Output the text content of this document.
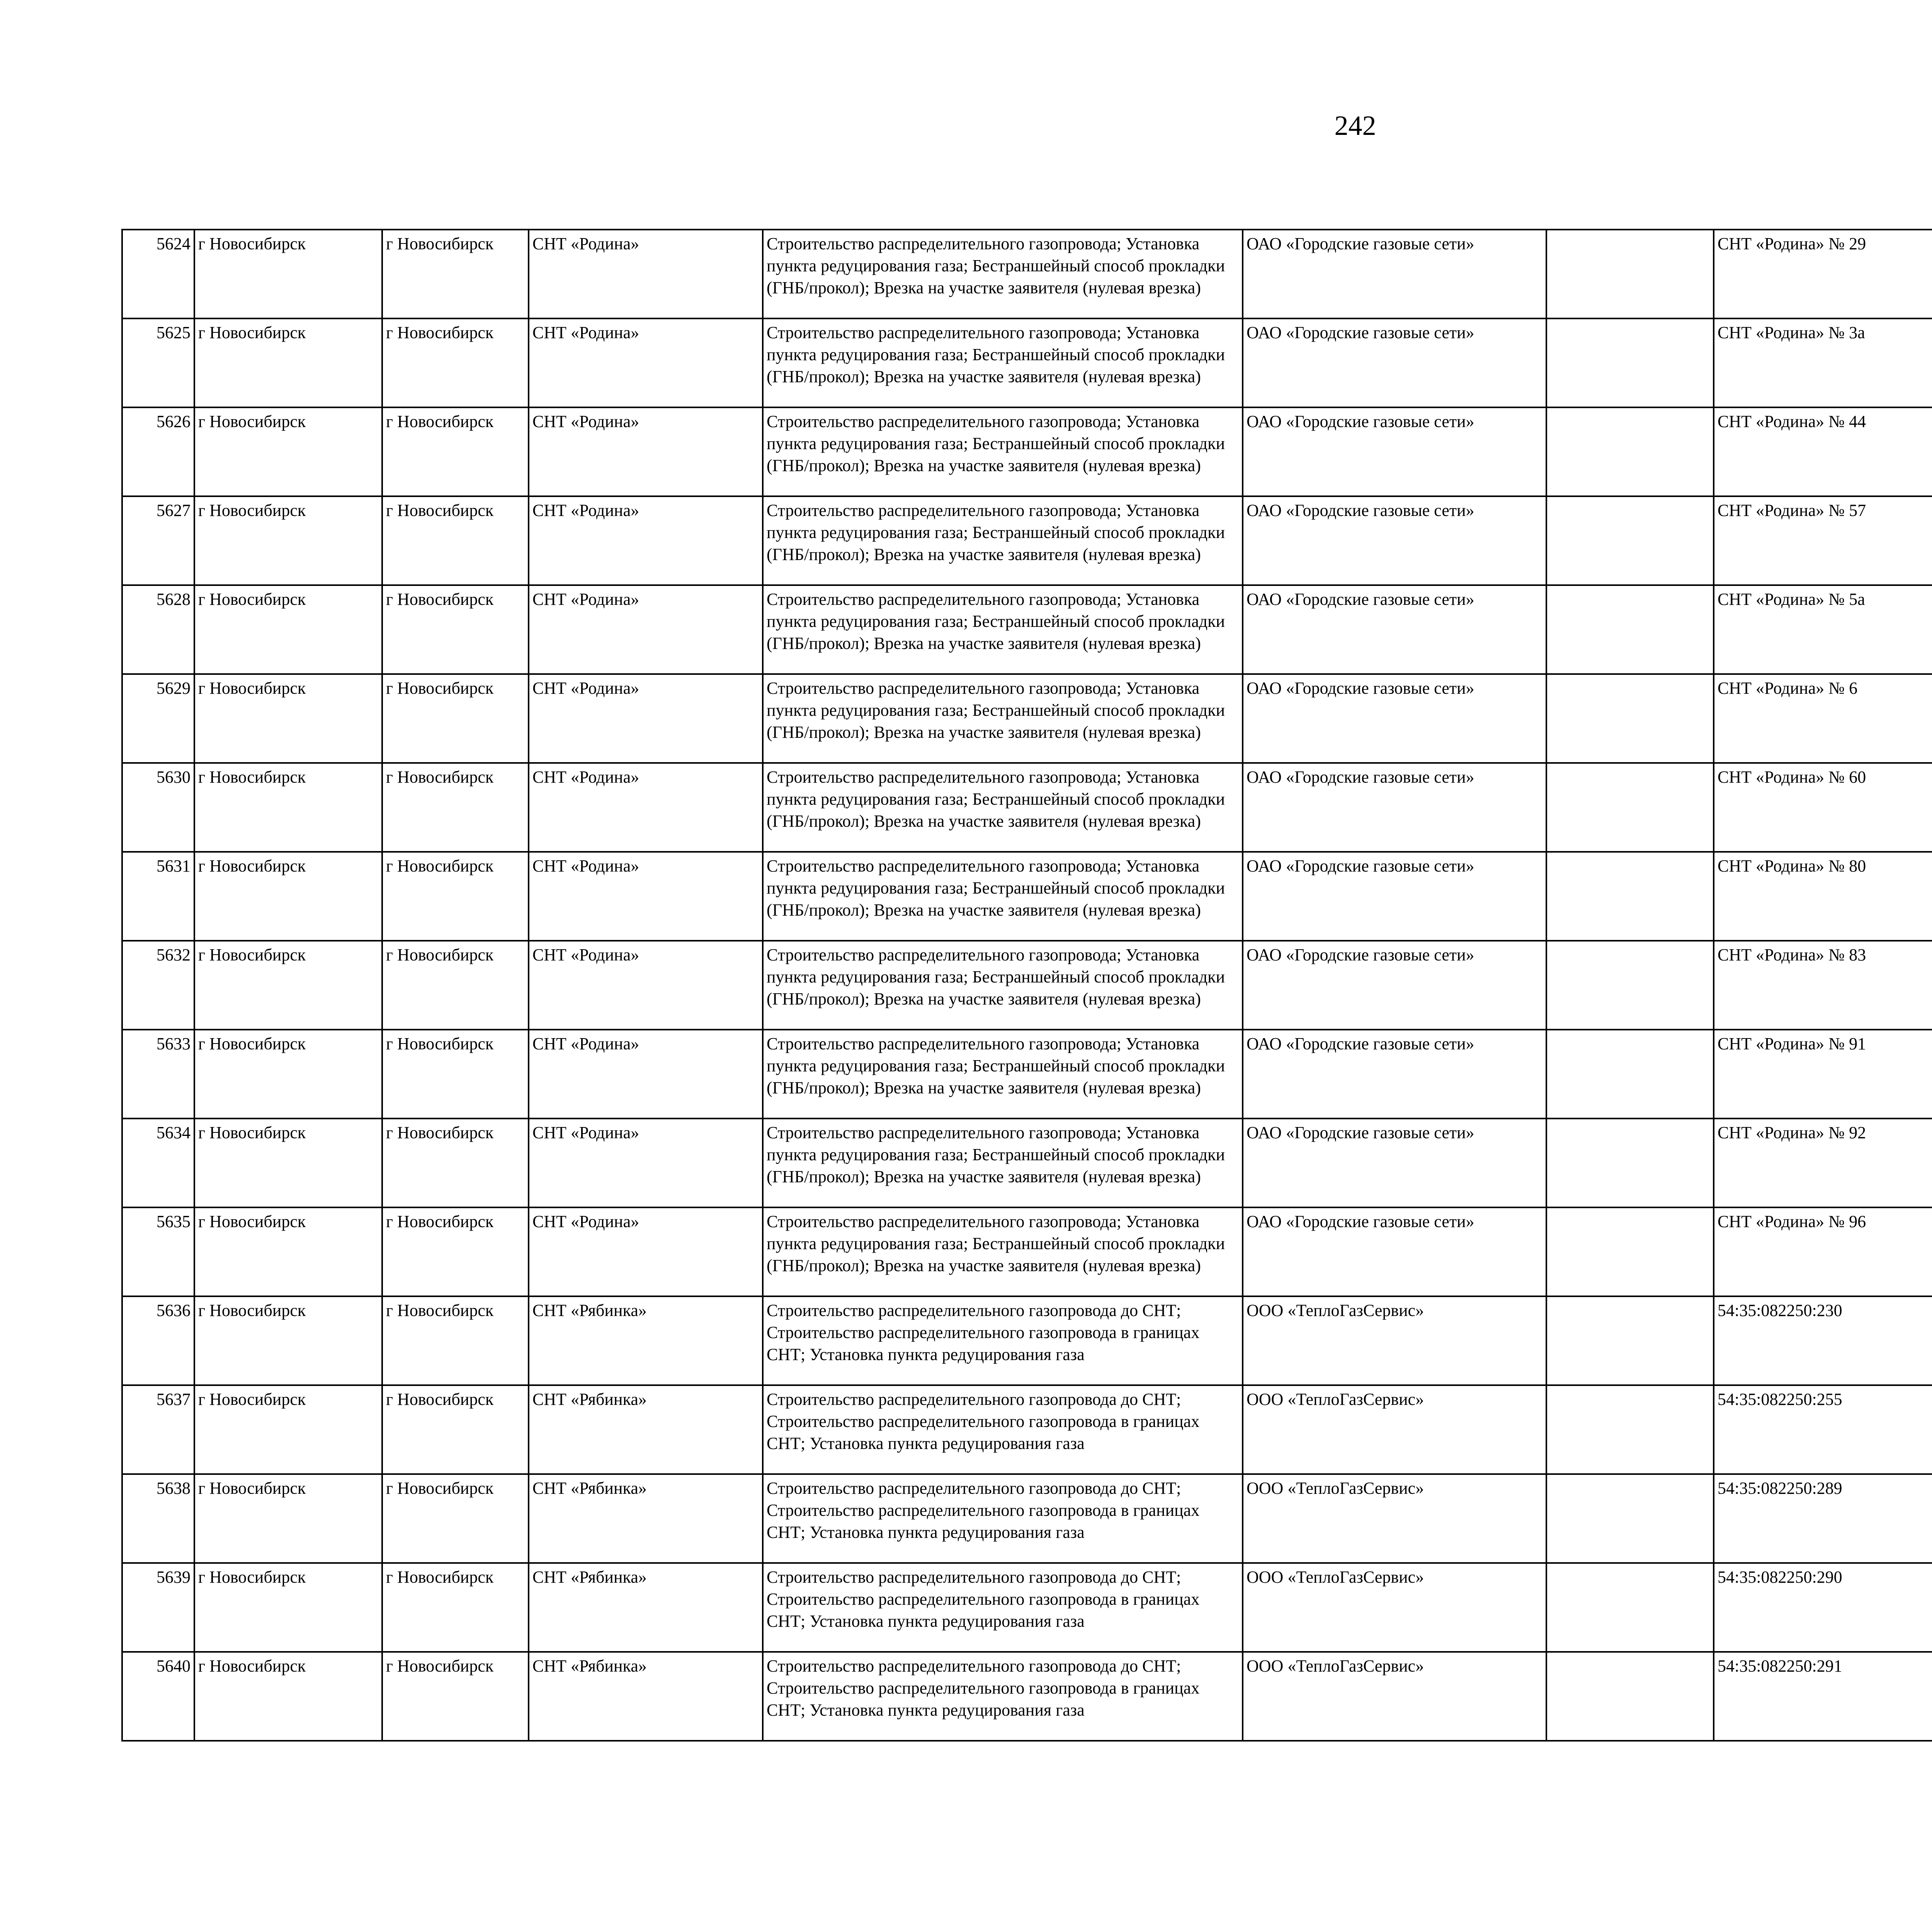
242
5624	г Новосибирск	г Новосибирск	СНТ «Родина»	Строительство распределительного газопровода; Установка пункта редуцирования газа; Бестраншейный способ прокладки (ГНБ/прокол); Врезка на участке заявителя (нулевая врезка)	ОАО «Городские газовые сети»		СНТ «Родина» № 29					
5625	г Новосибирск	г Новосибирск	СНТ «Родина»	Строительство распределительного газопровода; Установка пункта редуцирования газа; Бестраншейный способ прокладки (ГНБ/прокол); Врезка на участке заявителя (нулевая врезка)	ОАО «Городские газовые сети»		СНТ «Родина» № 3а					
5626	г Новосибирск	г Новосибирск	СНТ «Родина»	Строительство распределительного газопровода; Установка пункта редуцирования газа; Бестраншейный способ прокладки (ГНБ/прокол); Врезка на участке заявителя (нулевая врезка)	ОАО «Городские газовые сети»		СНТ «Родина» № 44					
5627	г Новосибирск	г Новосибирск	СНТ «Родина»	Строительство распределительного газопровода; Установка пункта редуцирования газа; Бестраншейный способ прокладки (ГНБ/прокол); Врезка на участке заявителя (нулевая врезка)	ОАО «Городские газовые сети»		СНТ «Родина» № 57					
5628	г Новосибирск	г Новосибирск	СНТ «Родина»	Строительство распределительного газопровода; Установка пункта редуцирования газа; Бестраншейный способ прокладки (ГНБ/прокол); Врезка на участке заявителя (нулевая врезка)	ОАО «Городские газовые сети»		СНТ «Родина» № 5а					
5629	г Новосибирск	г Новосибирск	СНТ «Родина»	Строительство распределительного газопровода; Установка пункта редуцирования газа; Бестраншейный способ прокладки (ГНБ/прокол); Врезка на участке заявителя (нулевая врезка)	ОАО «Городские газовые сети»		СНТ «Родина» № 6					
5630	г Новосибирск	г Новосибирск	СНТ «Родина»	Строительство распределительного газопровода; Установка пункта редуцирования газа; Бестраншейный способ прокладки (ГНБ/прокол); Врезка на участке заявителя (нулевая врезка)	ОАО «Городские газовые сети»		СНТ «Родина» № 60					
5631	г Новосибирск	г Новосибирск	СНТ «Родина»	Строительство распределительного газопровода; Установка пункта редуцирования газа; Бестраншейный способ прокладки (ГНБ/прокол); Врезка на участке заявителя (нулевая врезка)	ОАО «Городские газовые сети»		СНТ «Родина» № 80					
5632	г Новосибирск	г Новосибирск	СНТ «Родина»	Строительство распределительного газопровода; Установка пункта редуцирования газа; Бестраншейный способ прокладки (ГНБ/прокол); Врезка на участке заявителя (нулевая врезка)	ОАО «Городские газовые сети»		СНТ «Родина» № 83					
5633	г Новосибирск	г Новосибирск	СНТ «Родина»	Строительство распределительного газопровода; Установка пункта редуцирования газа; Бестраншейный способ прокладки (ГНБ/прокол); Врезка на участке заявителя (нулевая врезка)	ОАО «Городские газовые сети»		СНТ «Родина» № 91					
5634	г Новосибирск	г Новосибирск	СНТ «Родина»	Строительство распределительного газопровода; Установка пункта редуцирования газа; Бестраншейный способ прокладки (ГНБ/прокол); Врезка на участке заявителя (нулевая врезка)	ОАО «Городские газовые сети»		СНТ «Родина» № 92					
5635	г Новосибирск	г Новосибирск	СНТ «Родина»	Строительство распределительного газопровода; Установка пункта редуцирования газа; Бестраншейный способ прокладки (ГНБ/прокол); Врезка на участке заявителя (нулевая врезка)	ОАО «Городские газовые сети»		СНТ «Родина» № 96					
5636	г Новосибирск	г Новосибирск	СНТ «Рябинка»	Строительство распределительного газопровода до СНТ; Строительство распределительного газопровода в границах СНТ; Установка пункта редуцирования газа	ООО «ТеплоГазСервис»		54:35:082250:230					
5637	г Новосибирск	г Новосибирск	СНТ «Рябинка»	Строительство распределительного газопровода до СНТ; Строительство распределительного газопровода в границах СНТ; Установка пункта редуцирования газа	ООО «ТеплоГазСервис»		54:35:082250:255					
5638	г Новосибирск	г Новосибирск	СНТ «Рябинка»	Строительство распределительного газопровода до СНТ; Строительство распределительного газопровода в границах СНТ; Установка пункта редуцирования газа	ООО «ТеплоГазСервис»		54:35:082250:289					
5639	г Новосибирск	г Новосибирск	СНТ «Рябинка»	Строительство распределительного газопровода до СНТ; Строительство распределительного газопровода в границах СНТ; Установка пункта редуцирования газа	ООО «ТеплоГазСервис»		54:35:082250:290					
5640	г Новосибирск	г Новосибирск	СНТ «Рябинка»	Строительство распределительного газопровода до СНТ; Строительство распределительного газопровода в границах СНТ; Установка пункта редуцирования газа	ООО «ТеплоГазСервис»		54:35:082250:291					
